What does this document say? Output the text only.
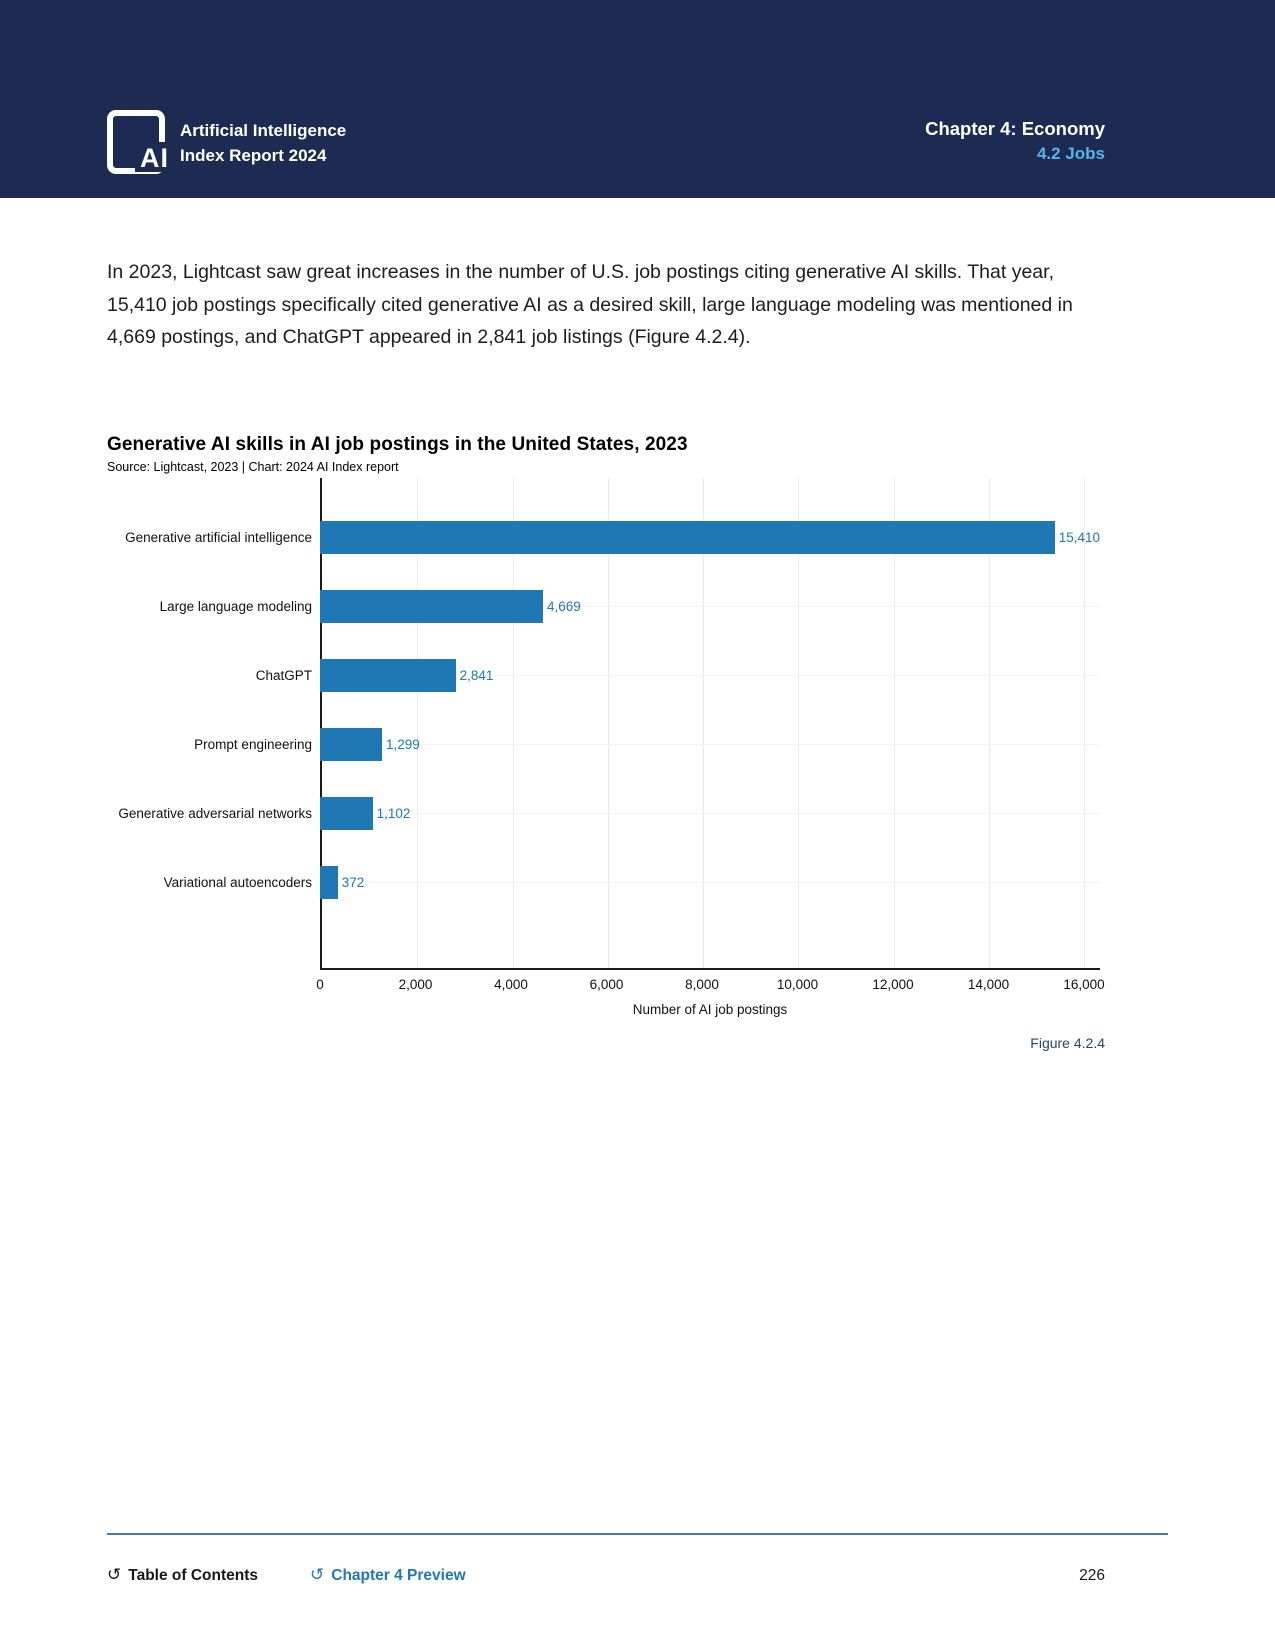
AI
Artificial Intelligence
Index Report 2024
Chapter 4: Economy
4.2 Jobs

In 2023, Lightcast saw great increases in the number of U.S. job postings citing generative AI skills. That year, 15,410 job postings specifically cited generative AI as a desired skill, large language modeling was mentioned in 4,669 postings, and ChatGPT appeared in 2,841 job listings (Figure 4.2.4).

Generative AI skills in AI job postings in the United States, 2023
Source: Lightcast, 2023 | Chart: 2024 AI Index report
Generative artificial intelligence	15,410
Large language modeling	4,669
ChatGPT	2,841
Prompt engineering	1,299
Generative adversarial networks	1,102
Variational autoencoders	372
0	2,000	4,000	6,000	8,000	10,000	12,000	14,000	16,000
Number of AI job postings
Figure 4.2.4
↺ Table of Contents	↺ Chapter 4 Preview	226
